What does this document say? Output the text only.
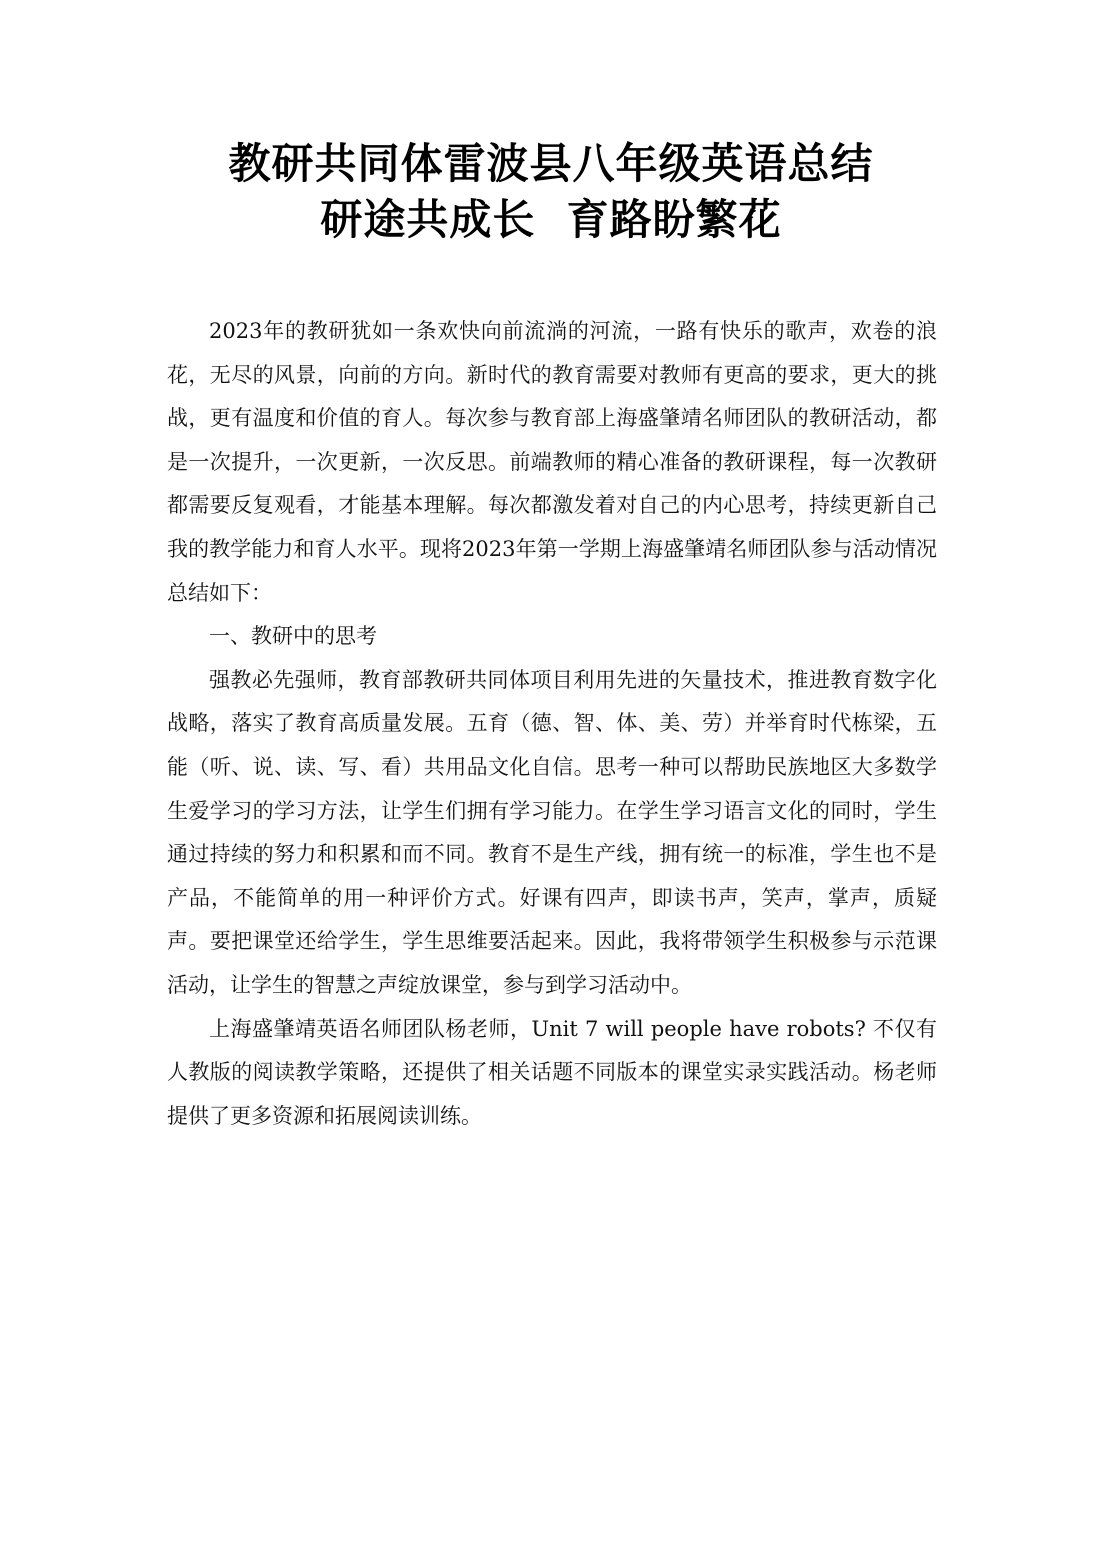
教研共同体雷波县八年级英语总结
研途共成长  育路盼繁花

2023年的教研犹如一条欢快向前流淌的河流，一路有快乐的歌声，欢卷的浪花，无尽的风景，向前的方向。新时代的教育需要对教师有更高的要求，更大的挑战，更有温度和价值的育人。每次参与教育部上海盛肇靖名师团队的教研活动，都是一次提升，一次更新，一次反思。前端教师的精心准备的教研课程，每一次教研都需要反复观看，才能基本理解。每次都激发着对自己的内心思考，持续更新自己我的教学能力和育人水平。现将2023年第一学期上海盛肇靖名师团队参与活动情况总结如下：

一、教研中的思考

强教必先强师，教育部教研共同体项目利用先进的矢量技术，推进教育数字化战略，落实了教育高质量发展。五育（德、智、体、美、劳）并举育时代栋梁，五能（听、说、读、写、看）共用品文化自信。思考一种可以帮助民族地区大多数学生爱学习的学习方法，让学生们拥有学习能力。在学生学习语言文化的同时，学生通过持续的努力和积累和而不同。教育不是生产线，拥有统一的标准，学生也不是产品，不能简单的用一种评价方式。好课有四声，即读书声，笑声，掌声，质疑声。要把课堂还给学生，学生思维要活起来。因此，我将带领学生积极参与示范课活动，让学生的智慧之声绽放课堂，参与到学习活动中。

上海盛肇靖英语名师团队杨老师，Unit 7 will people have robots? 不仅有人教版的阅读教学策略，还提供了相关话题不同版本的课堂实录实践活动。杨老师提供了更多资源和拓展阅读训练。
